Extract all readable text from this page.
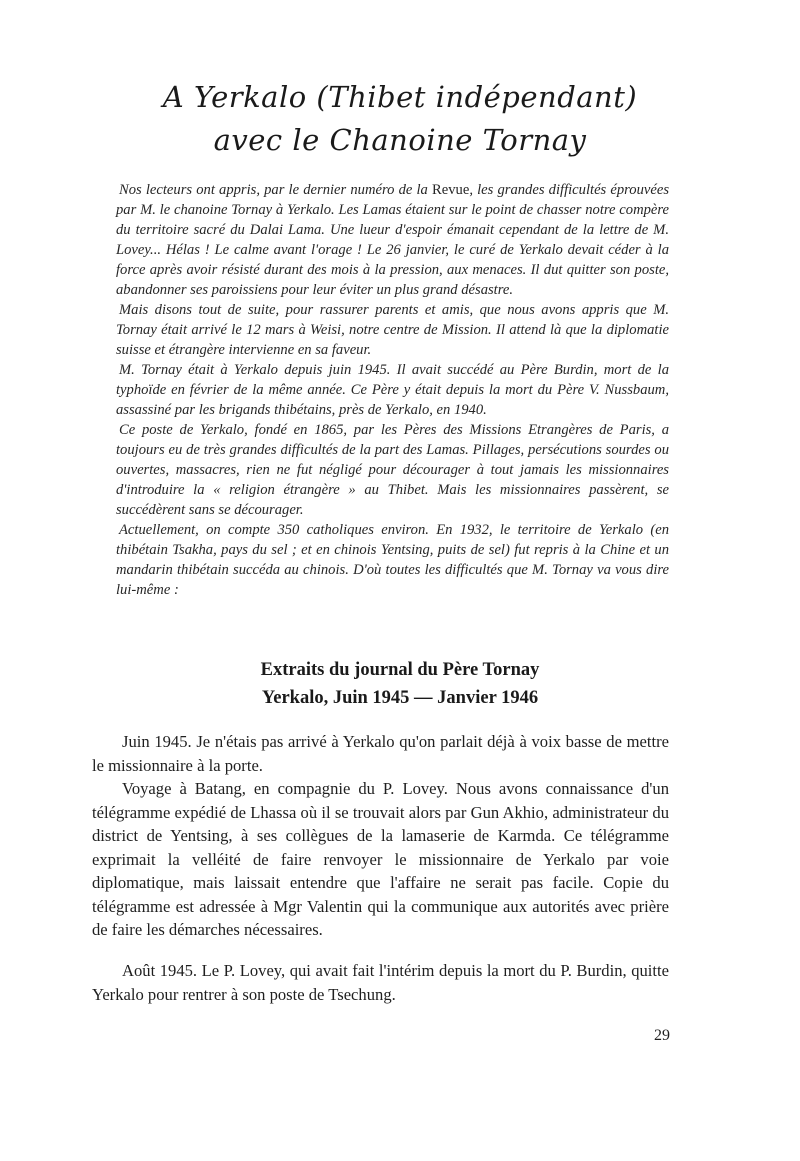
A Yerkalo (Thibet indépendant)
avec le Chanoine Tornay

Nos lecteurs ont appris, par le dernier numéro de la Revue, les grandes difficultés éprouvées par M. le chanoine Tornay à Yerkalo. Les Lamas étaient sur le point de chasser notre compère du territoire sacré du Dalai Lama. Une lueur d'espoir émanait cependant de la lettre de M. Lovey... Hélas ! Le calme avant l'orage ! Le 26 janvier, le curé de Yerkalo devait céder à la force après avoir résisté durant des mois à la pression, aux menaces. Il dut quitter son poste, abandonner ses paroissiens pour leur éviter un plus grand désastre.

Mais disons tout de suite, pour rassurer parents et amis, que nous avons appris que M. Tornay était arrivé le 12 mars à Weisi, notre centre de Mission. Il attend là que la diplomatie suisse et étrangère intervienne en sa faveur.

M. Tornay était à Yerkalo depuis juin 1945. Il avait succédé au Père Burdin, mort de la typhoïde en février de la même année. Ce Père y était depuis la mort du Père V. Nussbaum, assassiné par les brigands thibétains, près de Yerkalo, en 1940.

Ce poste de Yerkalo, fondé en 1865, par les Pères des Missions Etrangères de Paris, a toujours eu de très grandes difficultés de la part des Lamas. Pillages, persécutions sourdes ou ouvertes, massacres, rien ne fut négligé pour décourager à tout jamais les missionnaires d'introduire la « religion étrangère » au Thibet. Mais les missionnaires passèrent, se succédèrent sans se décourager.

Actuellement, on compte 350 catholiques environ. En 1932, le territoire de Yerkalo (en thibétain Tsakha, pays du sel ; et en chinois Yentsing, puits de sel) fut repris à la Chine et un mandarin thibétain succéda au chinois. D'où toutes les difficultés que M. Tornay va vous dire lui-même :

Extraits du journal du Père Tornay
Yerkalo, Juin 1945 — Janvier 1946

Juin 1945. Je n'étais pas arrivé à Yerkalo qu'on parlait déjà à voix basse de mettre le missionnaire à la porte.

Voyage à Batang, en compagnie du P. Lovey. Nous avons connaissance d'un télégramme expédié de Lhassa où il se trouvait alors par Gun Akhio, administrateur du district de Yentsing, à ses collègues de la lamaserie de Karmda. Ce télégramme exprimait la velléité de faire renvoyer le missionnaire de Yerkalo par voie diplomatique, mais laissait entendre que l'affaire ne serait pas facile. Copie du télégramme est adressée à Mgr Valentin qui la communique aux autorités avec prière de faire les démarches nécessaires.

Août 1945. Le P. Lovey, qui avait fait l'intérim depuis la mort du P. Burdin, quitte Yerkalo pour rentrer à son poste de Tsechung.

29
